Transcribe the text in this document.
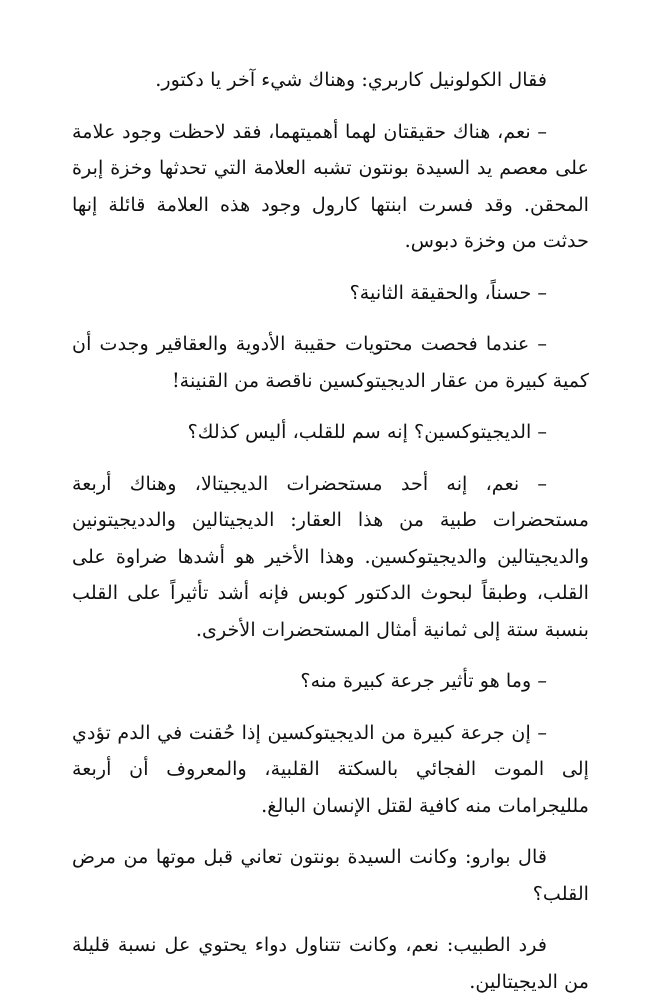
فقال الكولونيل كاربري: وهناك شيء آخر يا دكتور.

– نعم، هناك حقيقتان لهما أهميتهما، فقد لاحظت وجود علامة على معصم يد السيدة بونتون تشبه العلامة التي تحدثها وخزة إبرة المحقن. وقد فسرت ابنتها كارول وجود هذه العلامة قائلة إنها حدثت من وخزة دبوس.

– حسناً، والحقيقة الثانية؟

– عندما فحصت محتويات حقيبة الأدوية والعقاقير وجدت أن كمية كبيرة من عقار الديجيتوكسين ناقصة من القنينة!

– الديجيتوكسين؟ إنه سم للقلب، أليس كذلك؟

– نعم، إنه أحد مستحضرات الديجيتالا، وهناك أربعة مستحضرات طبية من هذا العقار: الديجيتالين والدديجيتونين والديجيتالين والديجيتوكسين. وهذا الأخير هو أشدها ضراوة على القلب، وطبقاً لبحوث الدكتور كوبس فإنه أشد تأثيراً على القلب بنسبة ستة إلى ثمانية أمثال المستحضرات الأخرى.

– وما هو تأثير جرعة كبيرة منه؟

– إن جرعة كبيرة من الديجيتوكسين إذا حُقنت في الدم تؤدي إلى الموت الفجائي بالسكتة القلبية، والمعروف أن أربعة ملليجرامات منه كافية لقتل الإنسان البالغ.

قال بوارو: وكانت السيدة بونتون تعاني قبل موتها من مرض القلب؟

فرد الطبيب: نعم، وكانت تتناول دواء يحتوي عل نسبة قليلة من الديجيتالين.
